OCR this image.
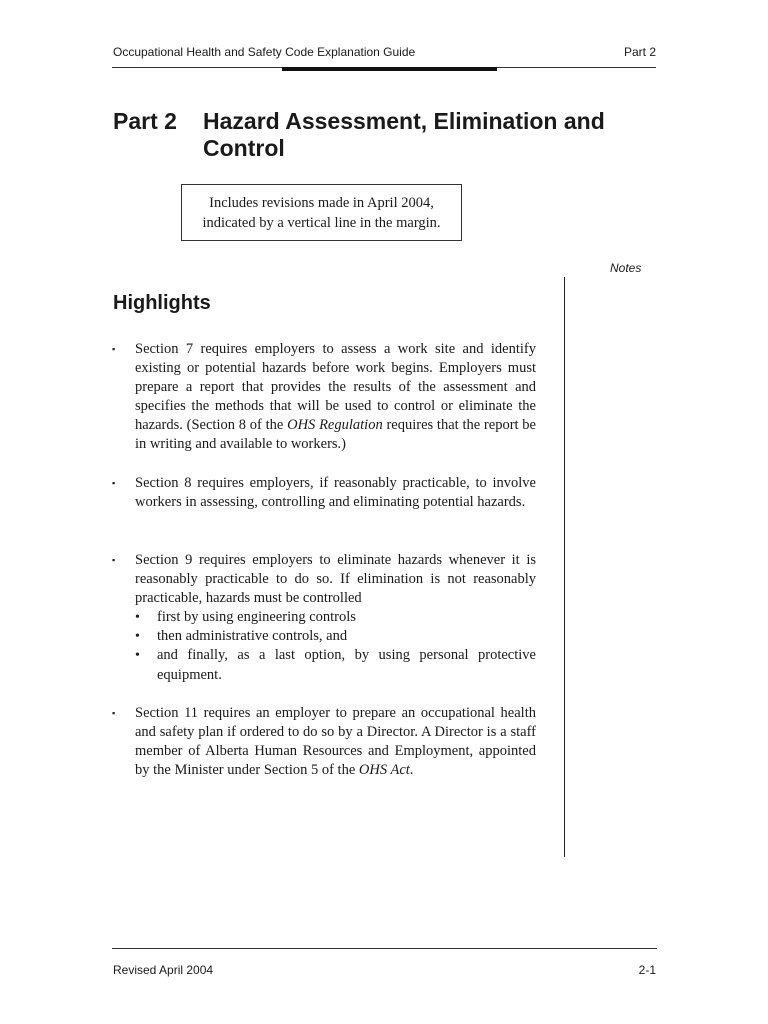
Occupational Health and Safety Code Explanation Guide	Part 2
Part 2 Hazard Assessment, Elimination and Control
Includes revisions made in April 2004,
indicated by a vertical line in the margin.
Notes
Highlights
▪ Section 7 requires employers to assess a work site and identify existing or potential hazards before work begins. Employers must prepare a report that provides the results of the assessment and specifies the methods that will be used to control or eliminate the hazards. (Section 8 of the OHS Regulation requires that the report be in writing and available to workers.)
▪ Section 8 requires employers, if reasonably practicable, to involve workers in assessing, controlling and eliminating potential hazards.
▪ Section 9 requires employers to eliminate hazards whenever it is reasonably practicable to do so. If elimination is not reasonably practicable, hazards must be controlled
• first by using engineering controls
• then administrative controls, and
• and finally, as a last option, by using personal protective equipment.
▪ Section 11 requires an employer to prepare an occupational health and safety plan if ordered to do so by a Director. A Director is a staff member of Alberta Human Resources and Employment, appointed by the Minister under Section 5 of the OHS Act.
Revised April 2004	2-1
